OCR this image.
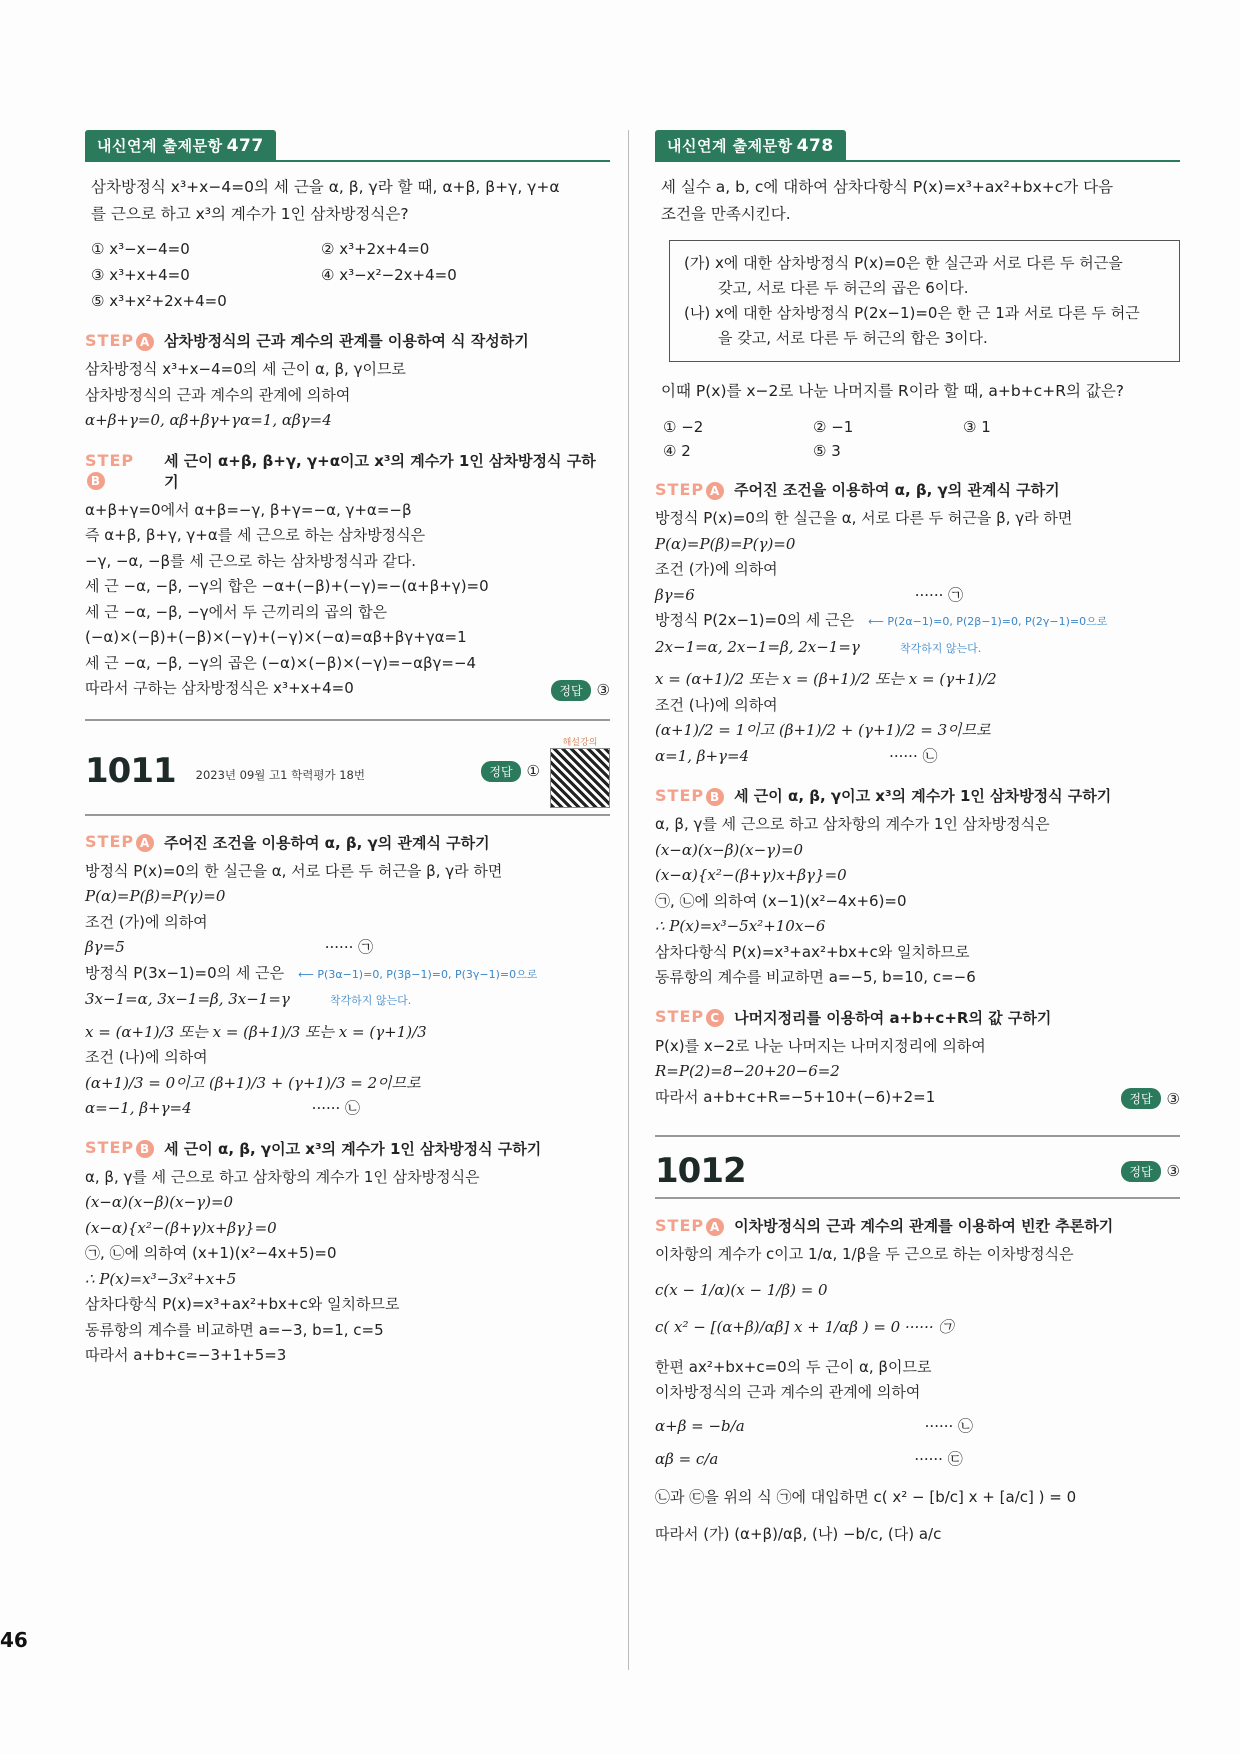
내신연계 출제문항 477
삼차방정식 x³+x−4=0의 세 근을 α, β, γ라 할 때, α+β, β+γ, γ+α
를 근으로 하고 x³의 계수가 1인 삼차방정식은?
① x³−x−4=0	② x³+2x+4=0
③ x³+x+4=0	④ x³−x²−2x+4=0
⑤ x³+x²+2x+4=0
STEP A 삼차방정식의 근과 계수의 관계를 이용하여 식 작성하기
삼차방정식 x³+x−4=0의 세 근이 α, β, γ이므로
삼차방정식의 근과 계수의 관계에 의하여
α+β+γ=0, αβ+βγ+γα=1, αβγ=4
STEPB
세 근이 α+β, β+γ, γ+α이고 x³의 계수가 1인 삼차방정식 구하기
α+β+γ=0에서 α+β=−γ, β+γ=−α, γ+α=−β
즉 α+β, β+γ, γ+α를 세 근으로 하는 삼차방정식은
−γ, −α, −β를 세 근으로 하는 삼차방정식과 같다.
세 근 −α, −β, −γ의 합은 −α+(−β)+(−γ)=−(α+β+γ)=0
세 근 −α, −β, −γ에서 두 근끼리의 곱의 합은
(−α)×(−β)+(−β)×(−γ)+(−γ)×(−α)=αβ+βγ+γα=1
세 근 −α, −β, −γ의 곱은 (−α)×(−β)×(−γ)=−αβγ=−4
따라서 구하는 삼차방정식은 x³+x+4=0	정답 ③
1011 2023년 09월 고1 학력평가 18번	정답 ①
해설강의
STEP A 주어진 조건을 이용하여 α, β, γ의 관계식 구하기
방정식 P(x)=0의 한 실근을 α, 서로 다른 두 허근을 β, γ라 하면
P(α)=P(β)=P(γ)=0
조건 (가)에 의하여
βγ=5	······ ㉠
방정식 P(3x−1)=0의 세 근은 ⟵ P(3α−1)=0, P(3β−1)=0, P(3γ−1)=0으로
3x−1=α, 3x−1=β, 3x−1=γ	착각하지 않는다.
x = (α+1)/3 또는 x = (β+1)/3 또는 x = (γ+1)/3
조건 (나)에 의하여
(α+1)/3 = 0이고 (β+1)/3 + (γ+1)/3 = 2이므로
α=−1, β+γ=4	······ ㉡
STEP B 세 근이 α, β, γ이고 x³의 계수가 1인 삼차방정식 구하기
α, β, γ를 세 근으로 하고 삼차항의 계수가 1인 삼차방정식은
(x−α)(x−β)(x−γ)=0
(x−α){x²−(β+γ)x+βγ}=0
㉠, ㉡에 의하여 (x+1)(x²−4x+5)=0
∴ P(x)=x³−3x²+x+5
삼차다항식 P(x)=x³+ax²+bx+c와 일치하므로
동류항의 계수를 비교하면 a=−3, b=1, c=5
따라서 a+b+c=−3+1+5=3
46
내신연계 출제문항 478
세 실수 a, b, c에 대하여 삼차다항식 P(x)=x³+ax²+bx+c가 다음
조건을 만족시킨다.
(가) x에 대한 삼차방정식 P(x)=0은 한 실근과 서로 다른 두 허근을
갖고, 서로 다른 두 허근의 곱은 6이다.
(나) x에 대한 삼차방정식 P(2x−1)=0은 한 근 1과 서로 다른 두 허근
을 갖고, 서로 다른 두 허근의 합은 3이다.
이때 P(x)를 x−2로 나눈 나머지를 R이라 할 때, a+b+c+R의 값은?
① −2	② −1	③ 1
④ 2	⑤ 3
STEP A 주어진 조건을 이용하여 α, β, γ의 관계식 구하기
방정식 P(x)=0의 한 실근을 α, 서로 다른 두 허근을 β, γ라 하면
P(α)=P(β)=P(γ)=0
조건 (가)에 의하여
βγ=6	······ ㉠
방정식 P(2x−1)=0의 세 근은 ⟵ P(2α−1)=0, P(2β−1)=0, P(2γ−1)=0으로
2x−1=α, 2x−1=β, 2x−1=γ	착각하지 않는다.
x = (α+1)/2 또는 x = (β+1)/2 또는 x = (γ+1)/2
조건 (나)에 의하여
(α+1)/2 = 1이고 (β+1)/2 + (γ+1)/2 = 3이므로
α=1, β+γ=4	······ ㉡
STEP B 세 근이 α, β, γ이고 x³의 계수가 1인 삼차방정식 구하기
α, β, γ를 세 근으로 하고 삼차항의 계수가 1인 삼차방정식은
(x−α)(x−β)(x−γ)=0
(x−α){x²−(β+γ)x+βγ}=0
㉠, ㉡에 의하여 (x−1)(x²−4x+6)=0
∴ P(x)=x³−5x²+10x−6
삼차다항식 P(x)=x³+ax²+bx+c와 일치하므로
동류항의 계수를 비교하면 a=−5, b=10, c=−6
STEP C 나머지정리를 이용하여 a+b+c+R의 값 구하기
P(x)를 x−2로 나눈 나머지는 나머지정리에 의하여
R=P(2)=8−20+20−6=2
따라서 a+b+c+R=−5+10+(−6)+2=1	정답 ③
1012	정답 ③
STEP A 이차방정식의 근과 계수의 관계를 이용하여 빈칸 추론하기
이차항의 계수가 c이고 1/α, 1/β을 두 근으로 하는 이차방정식은
c(x − 1/α)(x − 1/β) = 0
c( x² − [(α+β)/αβ] x + 1/αβ ) = 0 ······ ㉠
한편 ax²+bx+c=0의 두 근이 α, β이므로
이차방정식의 근과 계수의 관계에 의하여
α+β = −b/a	······ ㉡
αβ = c/a	······ ㉢
㉡과 ㉢을 위의 식 ㉠에 대입하면 c( x² − [b/c] x + [a/c] ) = 0
따라서 (가) (α+β)/αβ, (나) −b/c, (다) a/c
